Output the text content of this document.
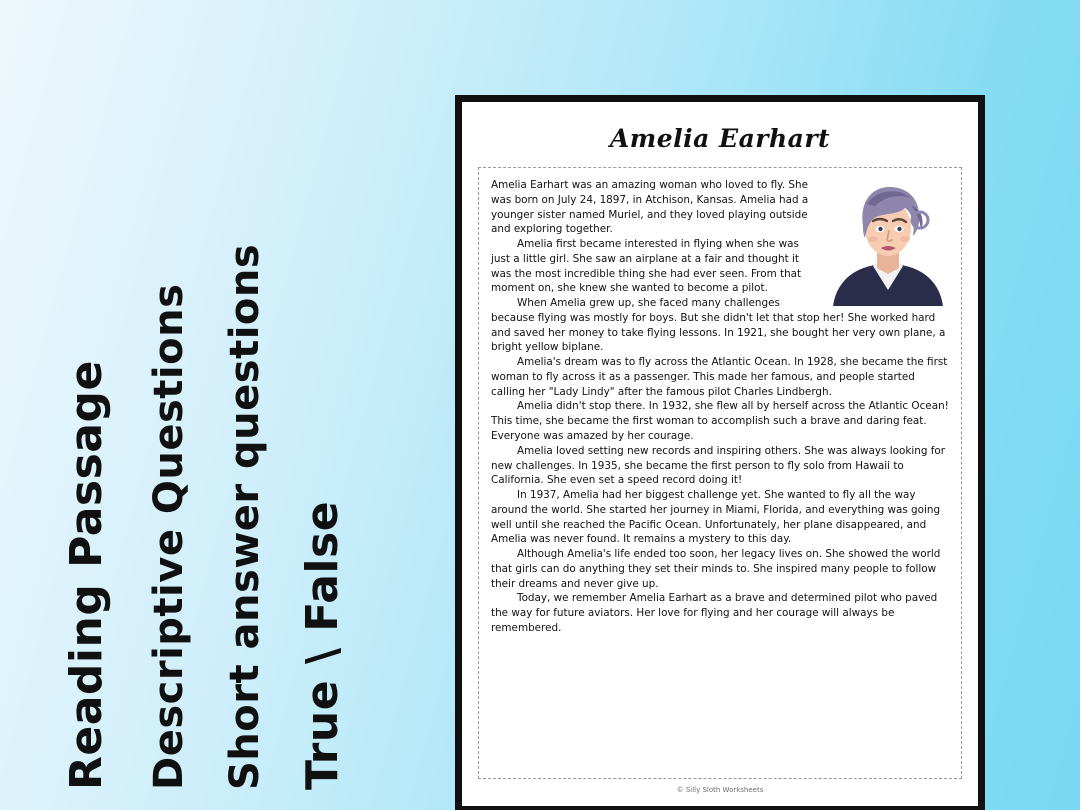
Reading Passage Descriptive Questions Short answer questions True \ False
Amelia Earhart

Amelia Earhart was an amazing woman who loved to fly. She was born on July 24, 1897, in Atchison, Kansas. Amelia had a younger sister named Muriel, and they loved playing outside and exploring together.

Amelia first became interested in flying when she was just a little girl. She saw an airplane at a fair and thought it was the most incredible thing she had ever seen. From that moment on, she knew she wanted to become a pilot.

When Amelia grew up, she faced many challenges because flying was mostly for boys. But she didn't let that stop her! She worked hard and saved her money to take flying lessons. In 1921, she bought her very own plane, a bright yellow biplane.

Amelia's dream was to fly across the Atlantic Ocean. In 1928, she became the first woman to fly across it as a passenger. This made her famous, and people started calling her "Lady Lindy" after the famous pilot Charles Lindbergh.

Amelia didn't stop there. In 1932, she flew all by herself across the Atlantic Ocean! This time, she became the first woman to accomplish such a brave and daring feat. Everyone was amazed by her courage.

Amelia loved setting new records and inspiring others. She was always looking for new challenges. In 1935, she became the first person to fly solo from Hawaii to California. She even set a speed record doing it!

In 1937, Amelia had her biggest challenge yet. She wanted to fly all the way around the world. She started her journey in Miami, Florida, and everything was going well until she reached the Pacific Ocean. Unfortunately, her plane disappeared, and Amelia was never found. It remains a mystery to this day.

Although Amelia's life ended too soon, her legacy lives on. She showed the world that girls can do anything they set their minds to. She inspired many people to follow their dreams and never give up.

Today, we remember Amelia Earhart as a brave and determined pilot who paved the way for future aviators. Her love for flying and her courage will always be remembered.

© Silly Sloth Worksheets
